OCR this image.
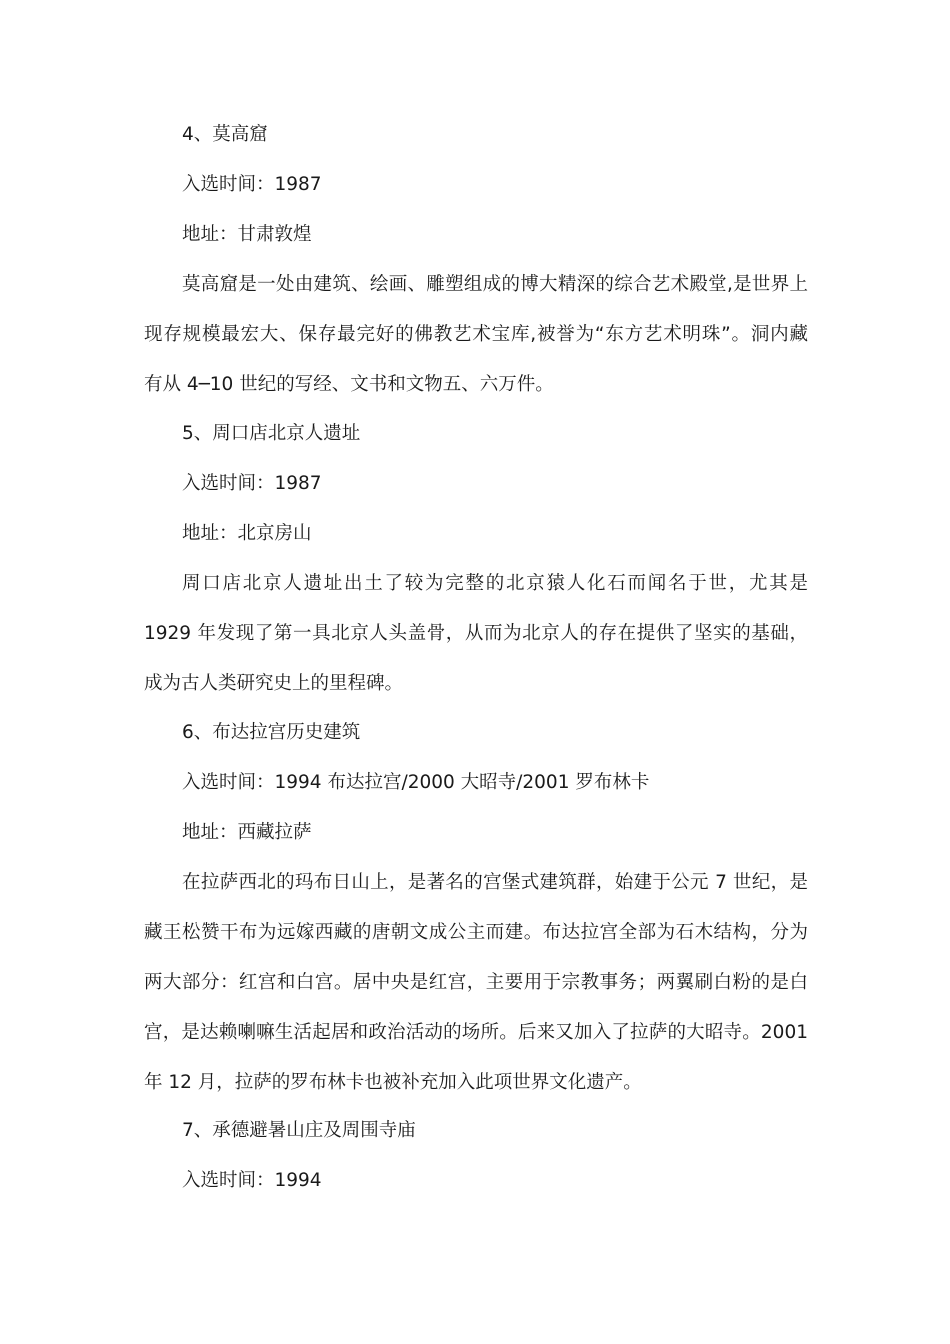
4、莫高窟
入选时间：1987
地址：甘肃敦煌
莫高窟是一处由建筑、绘画、雕塑组成的博大精深的综合艺术殿堂,是世界上
现存规模最宏大、保存最完好的佛教艺术宝库,被誉为“东方艺术明珠”。洞内藏
有从 4─10 世纪的写经、文书和文物五、六万件。
5、周口店北京人遗址
入选时间：1987
地址：北京房山
周口店北京人遗址出土了较为完整的北京猿人化石而闻名于世，尤其是
1929 年发现了第一具北京人头盖骨，从而为北京人的存在提供了坚实的基础，
成为古人类研究史上的里程碑。
6、布达拉宫历史建筑
入选时间：1994 布达拉宫/2000 大昭寺/2001 罗布林卡
地址：西藏拉萨
在拉萨西北的玛布日山上，是著名的宫堡式建筑群，始建于公元 7 世纪，是
藏王松赞干布为远嫁西藏的唐朝文成公主而建。布达拉宫全部为石木结构，分为
两大部分：红宫和白宫。居中央是红宫，主要用于宗教事务；两翼刷白粉的是白
宫，是达赖喇嘛生活起居和政治活动的场所。后来又加入了拉萨的大昭寺。2001
年 12 月，拉萨的罗布林卡也被补充加入此项世界文化遗产。
7、承德避暑山庄及周围寺庙
入选时间：1994
